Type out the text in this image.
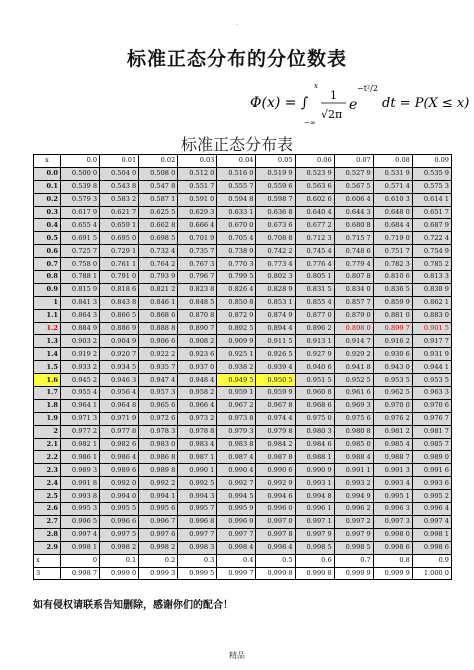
·
标准正态分布的分位数表
Φ(x) = ∫
x
−∞
1
√2π
e
−t²/2
dt = P(X ≤ x)
标准正态分布表
x	0.0	0.01	0.02	0.03	0.04	0.05	0.06	0.07	0.08	0.09
0.0	0.500 0	0.504 0	0.508 0	0.512 0	0.516 0	0.519 9	0.523 9	0.527 9	0.531 9	0.535 9
0.1	0.539 8	0.543 8	0.547 8	0.551 7	0.555 7	0.559 6	0.563 6	0.567 5	0.571 4	0.575 3
0.2	0.579 3	0.583 2	0.587 1	0.591 0	0.594 8	0.598 7	0.602 6	0.606 4	0.610 3	0.614 1
0.3	0.617 9	0.621 7	0.625 5	0.629 3	0.633 1	0.636 8	0.640 4	0.644 3	0.648 0	0.651 7
0.4	0.655 4	0.659 1	0.662 8	0.666 4	0.670 0	0.673 6	0.677 2	0.680 8	0.684 4	0.687 9
0.5	0.691 5	0.695 0	0.698 5	0.701 9	0.705 4	0.708 8	0.712 3	0.715 7	0.719 0	0.722 4
0.6	0.725 7	0.729 1	0.732 4	0.735 7	0.738 9	0.742 2	0.745 4	0.748 6	0.751 7	0.754 9
0.7	0.758 0	0.761 1	0.764 2	0.767 3	0.770 3	0.773 4	0.776 4	0.779 4	0.782 3	0.785 2
0.8	0.788 1	0.791 0	0.793 9	0.796 7	0.799 5	0.802 3	0.805 1	0.807 8	0.810 6	0.813 3
0.9	0.815 9	0.818 6	0.821 2	0.823 8	0.826 4	0.828 9	0.831 5	0.834 0	0.836 5	0.838 9
1	0.841 3	0.843 8	0.846 1	0.848 5	0.850 8	0.853 1	0.855 4	0.857 7	0.859 9	0.862 1
1.1	0.864 3	0.866 5	0.868 6	0.870 8	0.872 9	0.874 9	0.877 0	0.879 0	0.881 0	0.883 0
1.2	0.884 9	0.886 9	0.888 8	0.890 7	0.892 5	0.894 4	0.896 2	0.898 0	0.899 7	0.901 5
1.3	0.903 2	0.904 9	0.906 6	0.908 2	0.909 9	0.911 5	0.913 1	0.914 7	0.916 2	0.917 7
1.4	0.919 2	0.920 7	0.922 2	0.923 6	0.925 1	0.926 5	0.927 9	0.929 2	0.930 6	0.931 9
1.5	0.933 2	0.934 5	0.935 7	0.937 0	0.938 2	0.939 4	0.940 6	0.941 8	0.943 0	0.944 1
1.6	0.945 2	0.946 3	0.947 4	0.948 4	0.949 5	0.950 5	0.951 5	0.952 5	0.953 5	0.953 5
1.7	0.955 4	0.956 4	0.957 3	0.958 2	0.959 1	0.959 9	0.960 8	0.961 6	0.962 5	0.963 3
1.8	0.964 1	0.964 8	0.965 6	0.966 4	0.967 2	0.967 8	0.968 6	0.969 3	0.970 0	0.970 6
1.9	0.971 3	0.971 9	0.972 6	0.973 2	0.973 8	0.974 4	0.975 0	0.975 6	0.976 2	0.976 7
2	0.977 2	0.977 8	0.978 3	0.978 8	0.979 3	0.979 8	0.980 3	0.980 8	0.981 2	0.981 7
2.1	0.982 1	0.982 6	0.983 0	0.983 4	0.983 8	0.984 2	0.984 6	0.985 0	0.985 4	0.985 7
2.2	0.986 1	0.986 4	0.986 8	0.987 1	0.987 4	0.987 8	0.988 1	0.988 4	0.988 7	0.989 0
2.3	0.989 3	0.989 6	0.989 8	0.990 1	0.990 4	0.990 6	0.990 9	0.991 1	0.991 3	0.991 6
2.4	0.991 8	0.992 0	0.992 2	0.992 5	0.992 7	0.992 9	0.993 1	0.993 2	0.993 4	0.993 6
2.5	0.993 8	0.994 0	0.994 1	0.994 3	0.994 5	0.994 6	0.994 8	0.994 9	0.995 1	0.995 2
2.6	0.995 3	0.995 5	0.995 6	0.995 7	0.995 9	0.996 0	0.996 1	0.996 2	0.996 3	0.996 4
2.7	0.996 5	0.996 6	0.996 7	0.996 8	0.996 9	0.997 0	0.997 1	0.997 2	0.997 3	0.997 4
2.8	0.997 4	0.997 5	0.997 6	0.997 7	0.997 7	0.997 8	0.997 9	0.997 9	0.998 0	0.998 1
2.9	0.998 1	0.998 2	0.998 2	0.998 3	0.998 4	0.998 4	0.998 5	0.998 5	0.998 6	0.998 6
x	0	0.1	0.2	0.3	0.4	0.5	0.6	0.7	0.8	0.9
3	0.998 7	0.999 0	0.999 3	0.999 5	0.999 7	0.999 8	0.999 8	0.999 9	0.999 9	1.000 0
如有侵权请联系告知删除，感谢你们的配合！
精品
